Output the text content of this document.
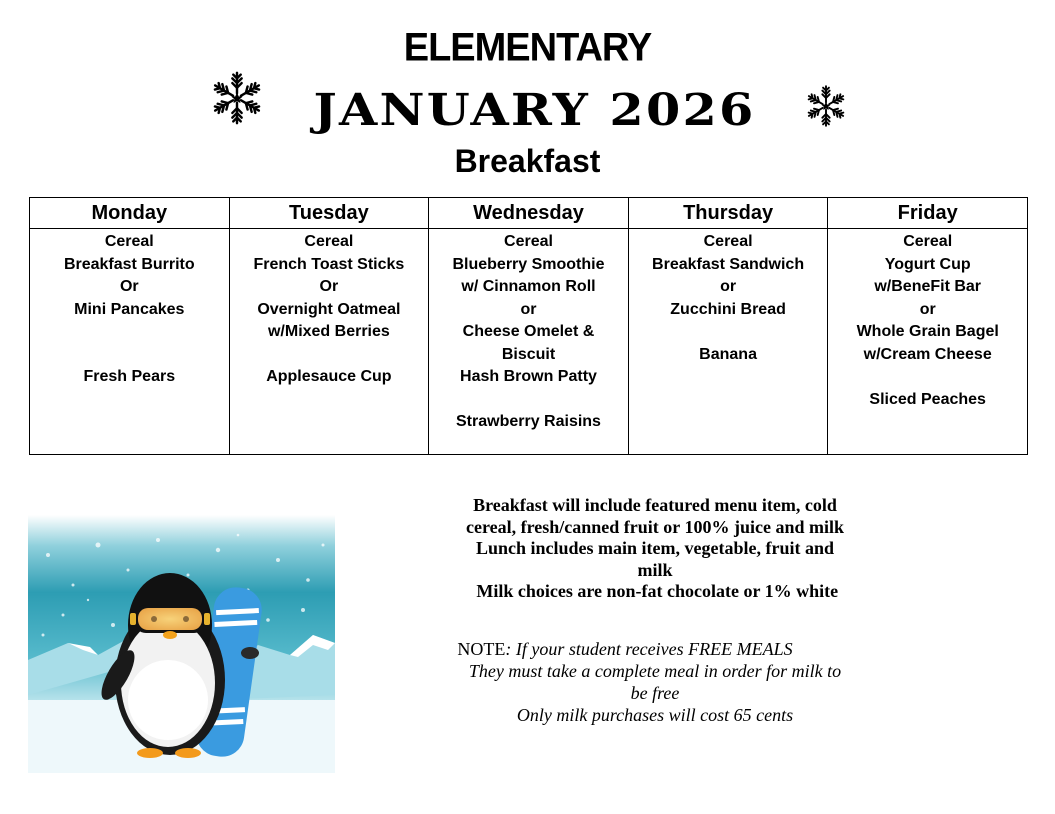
ELEMENTARY
JANUARY 2026
Breakfast
Monday	Tuesday	Wednesday	Thursday	Friday

Cereal
Breakfast Burrito
Or
Mini Pancakes
Fresh Pears

Cereal
French Toast Sticks
Or
Overnight Oatmeal
w/Mixed Berries
Applesauce Cup

Cereal
Blueberry Smoothie
w/ Cinnamon Roll
or
Cheese Omelet &
Biscuit
Hash Brown Patty
Strawberry Raisins

Cereal
Breakfast Sandwich
or
Zucchini Bread
Banana

Cereal
Yogurt Cup
w/BeneFit Bar
or
Whole Grain Bagel
w/Cream Cheese
Sliced Peaches
Breakfast will include featured menu item, cold
cereal, fresh/canned fruit or 100% juice and milk
Lunch includes main item, vegetable, fruit and
milk
Milk choices are non-fat chocolate or 1% white
NOTE: If your student receives FREE MEALS
They must take a complete meal in order for milk to
be free
Only milk purchases will cost 65 cents
